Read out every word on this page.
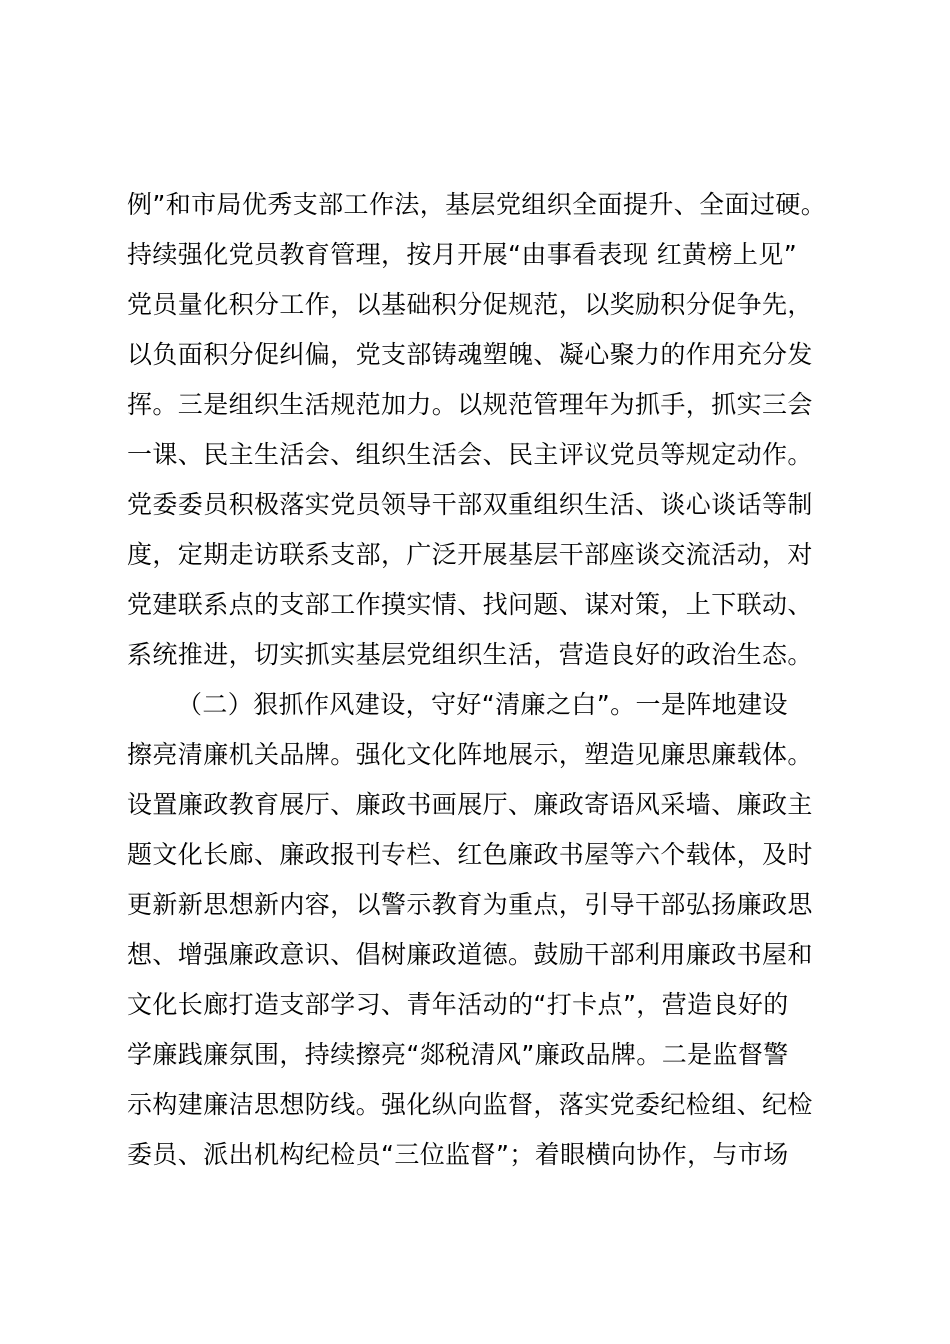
例”和市局优秀支部工作法，基层党组织全面提升、全面过硬。
持续强化党员教育管理，按月开展“由事看表现 红黄榜上见”
党员量化积分工作，以基础积分促规范，以奖励积分促争先，
以负面积分促纠偏，党支部铸魂塑魄、凝心聚力的作用充分发
挥。三是组织生活规范加力。以规范管理年为抓手，抓实三会
一课、民主生活会、组织生活会、民主评议党员等规定动作。
党委委员积极落实党员领导干部双重组织生活、谈心谈话等制
度，定期走访联系支部，广泛开展基层干部座谈交流活动，对
党建联系点的支部工作摸实情、找问题、谋对策，上下联动、
系统推进，切实抓实基层党组织生活，营造良好的政治生态。
（二）狠抓作风建设，守好“清廉之白”。一是阵地建设
擦亮清廉机关品牌。强化文化阵地展示，塑造见廉思廉载体。
设置廉政教育展厅、廉政书画展厅、廉政寄语风采墙、廉政主
题文化长廊、廉政报刊专栏、红色廉政书屋等六个载体，及时
更新新思想新内容，以警示教育为重点，引导干部弘扬廉政思
想、增强廉政意识、倡树廉政道德。鼓励干部利用廉政书屋和
文化长廊打造支部学习、青年活动的“打卡点”，营造良好的
学廉践廉氛围，持续擦亮“郯税清风”廉政品牌。二是监督警
示构建廉洁思想防线。强化纵向监督，落实党委纪检组、纪检
委员、派出机构纪检员“三位监督”；着眼横向协作，与市场
